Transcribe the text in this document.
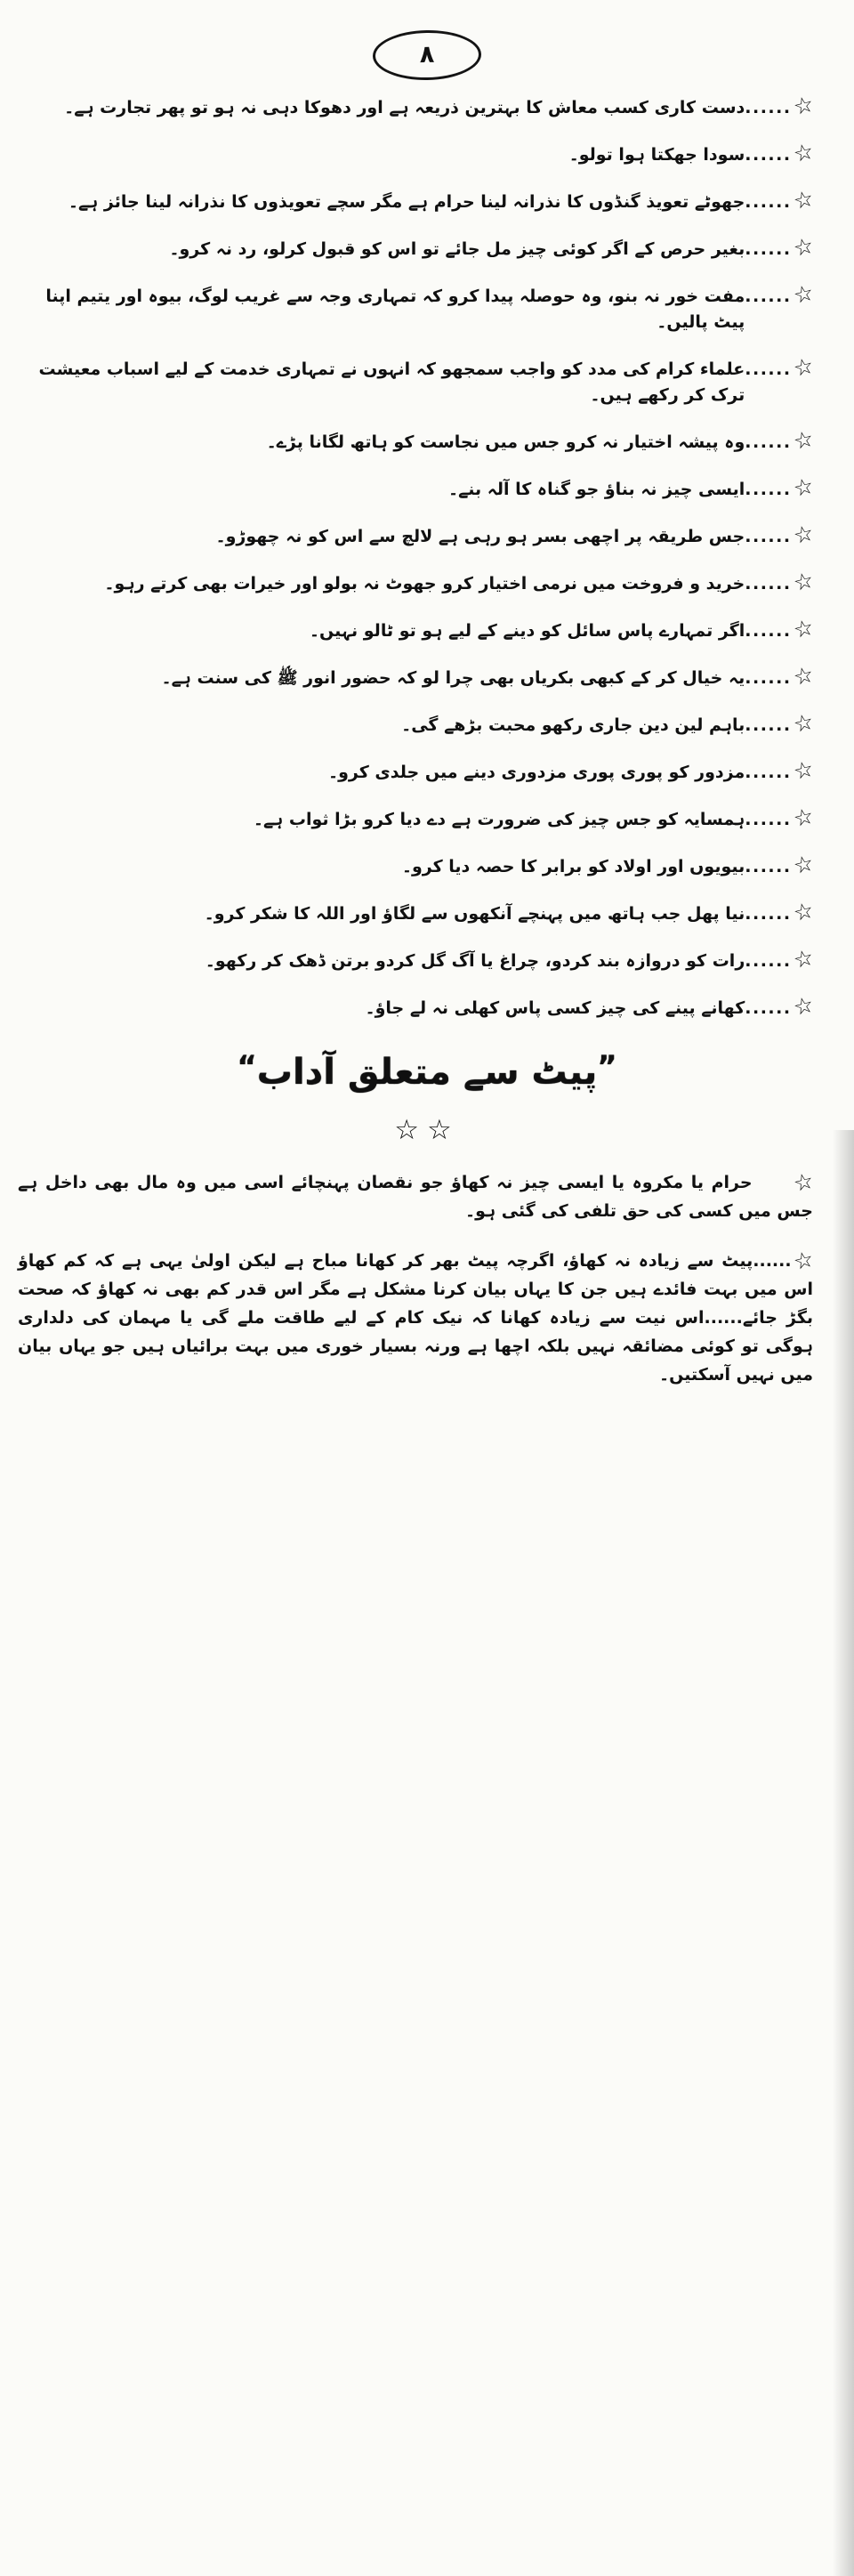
٨
☆
......
دست کاری کسب معاش کا بہترین ذریعہ ہے اور دھوکا دہی نہ ہو تو پھر تجارت ہے۔
☆
......
سودا جھکتا ہوا تولو۔
☆
......
جھوٹے تعویذ گنڈوں کا نذرانہ لینا حرام ہے مگر سچے تعویذوں کا نذرانہ لینا جائز ہے۔
☆
......
بغیر حرص کے اگر کوئی چیز مل جائے تو اس کو قبول کرلو، رد نہ کرو۔
☆
......
مفت خور نہ بنو، وہ حوصلہ پیدا کرو کہ تمہاری وجہ سے غریب لوگ، بیوہ اور یتیم اپنا پیٹ پالیں۔
☆
......
علماء کرام کی مدد کو واجب سمجھو کہ انہوں نے تمہاری خدمت کے لیے اسباب معیشت ترک کر رکھے ہیں۔
☆
......
وہ پیشہ اختیار نہ کرو جس میں نجاست کو ہاتھ لگانا پڑے۔
☆
......
ایسی چیز نہ بناؤ جو گناہ کا آلہ بنے۔
☆
......
جس طریقہ پر اچھی بسر ہو رہی ہے لالچ سے اس کو نہ چھوڑو۔
☆
......
خرید و فروخت میں نرمی اختیار کرو جھوٹ نہ بولو اور خیرات بھی کرتے رہو۔
☆
......
اگر تمہارے پاس سائل کو دینے کے لیے ہو تو ٹالو نہیں۔
☆
......
یہ خیال کر کے کبھی بکریاں بھی چرا لو کہ حضور انور ﷺ کی سنت ہے۔
☆
......
باہم لین دین جاری رکھو محبت بڑھے گی۔
☆
......
مزدور کو پوری پوری مزدوری دینے میں جلدی کرو۔
☆
......
ہمسایہ کو جس چیز کی ضرورت ہے دے دیا کرو بڑا ثواب ہے۔
☆
......
بیویوں اور اولاد کو برابر کا حصہ دیا کرو۔
☆
......
نیا پھل جب ہاتھ میں پہنچے آنکھوں سے لگاؤ اور اللہ کا شکر کرو۔
☆
......
رات کو دروازہ بند کردو، چراغ یا آگ گل کردو برتن ڈھک کر رکھو۔
☆
......
کھانے پینے کی چیز کسی پاس کھلی نہ لے جاؤ۔
”پیٹ سے متعلق آداب“
☆☆

☆حرام یا مکروہ یا ایسی چیز نہ کھاؤ جو نقصان پہنچائے اسی میں وہ مال بھی داخل ہے جس میں کسی کی حق تلفی کی گئی ہو۔

☆......پیٹ سے زیادہ نہ کھاؤ، اگرچہ پیٹ بھر کر کھانا مباح ہے لیکن اولیٰ یہی ہے کہ کم کھاؤ اس میں بہت فائدے ہیں جن کا یہاں بیان کرنا مشکل ہے مگر اس قدر کم بھی نہ کھاؤ کہ صحت بگڑ جائے......اس نیت سے زیادہ کھانا کہ نیک کام کے لیے طاقت ملے گی یا مہمان کی دلداری ہوگی تو کوئی مضائقہ نہیں بلکہ اچھا ہے ورنہ بسیار خوری میں بہت برائیاں ہیں جو یہاں بیان میں نہیں آسکتیں۔
